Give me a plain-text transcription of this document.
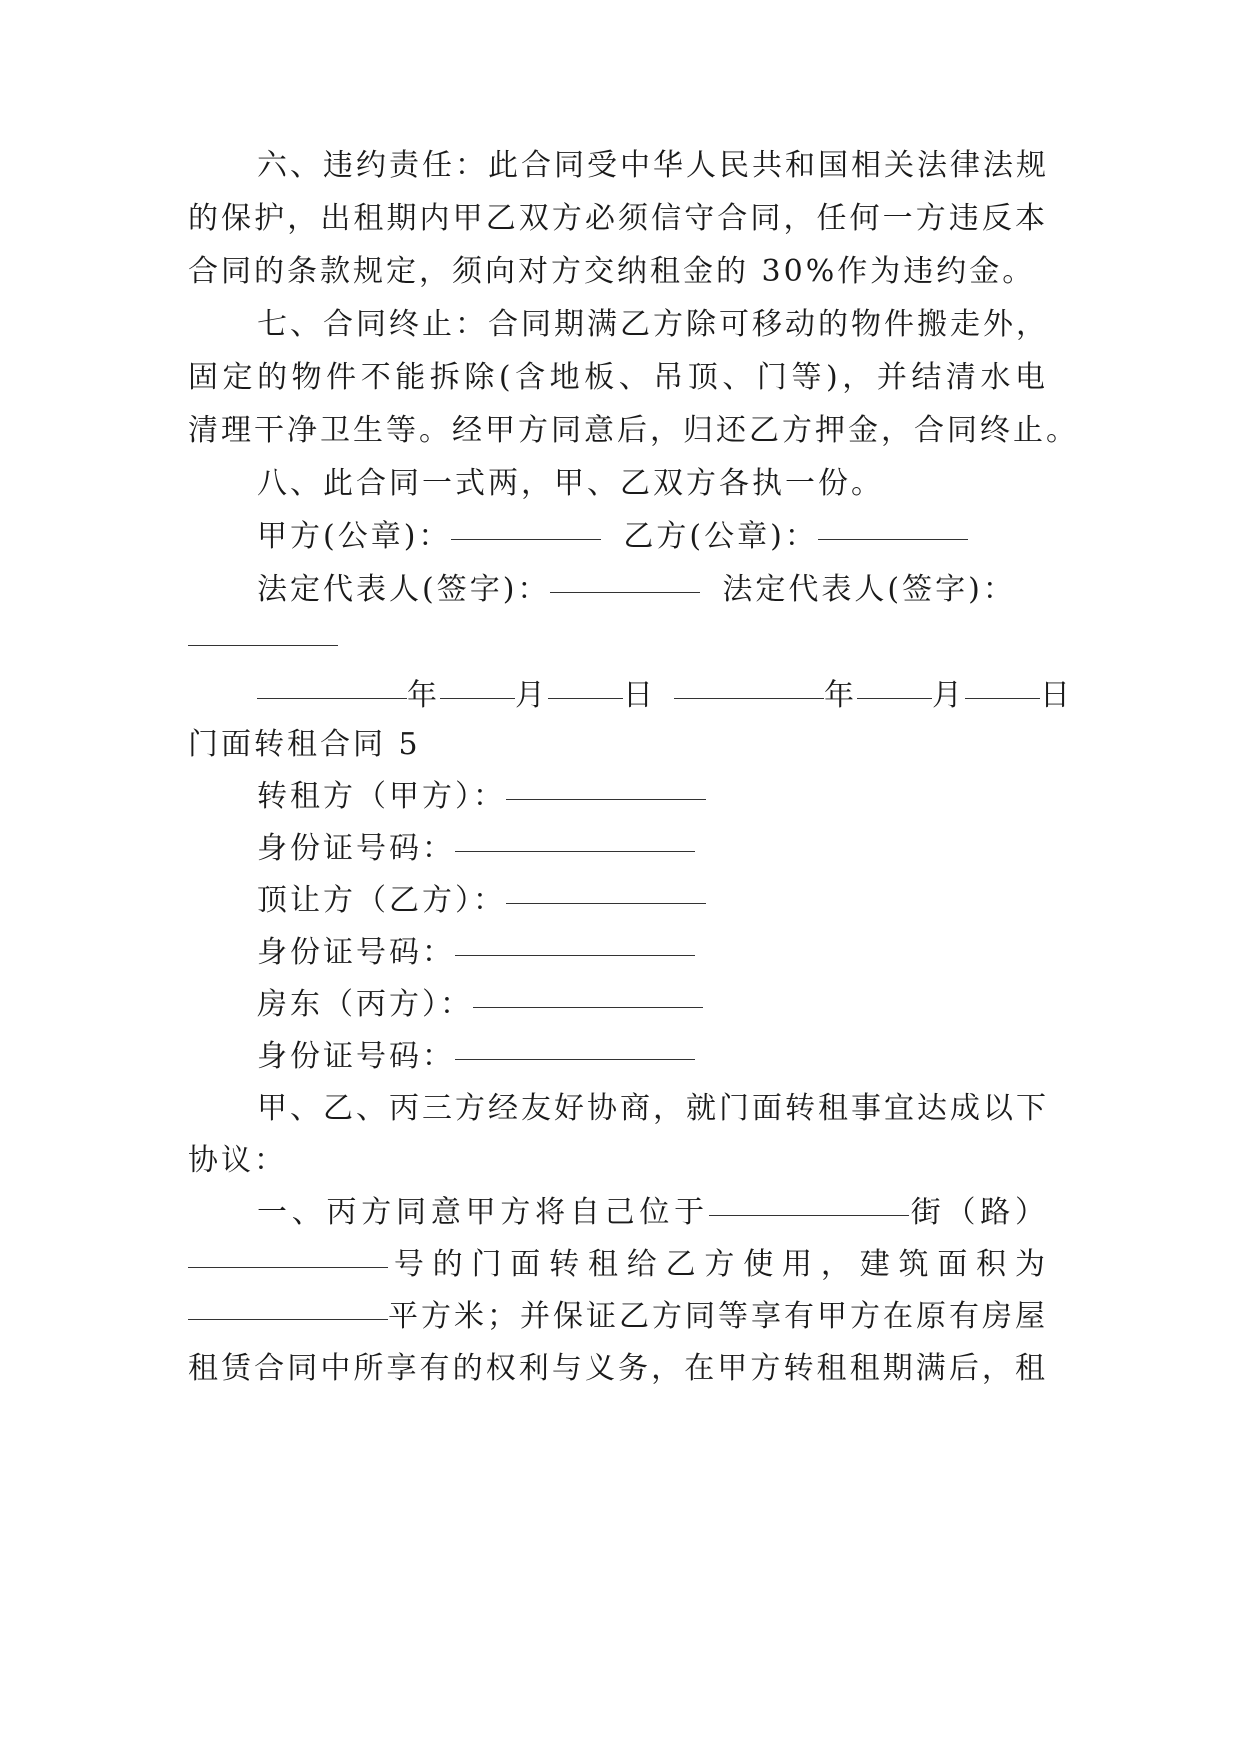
六、违约责任：此合同受中华人民共和国相关法律法规
的保护，出租期内甲乙双方必须信守合同，任何一方违反本
合同的条款规定，须向对方交纳租金的 30%作为违约金。
七、合同终止：合同期满乙方除可移动的物件搬走外，
固定的物件不能拆除(含地板、吊顶、门等)，并结清水电
清理干净卫生等。经甲方同意后，归还乙方押金，合同终止。
八、此合同一式两，甲、乙双方各执一份。
甲方(公章)：	乙方(公章)：
法定代表人(签字)：	法定代表人(签字)：
年	月	日	年	月	日
门面转租合同 5
转租方（甲方）：
身份证号码：
顶让方（乙方）：
身份证号码：
房东（丙方）：
身份证号码：
甲、乙、丙三方经友好协商，就门面转租事宜达成以下
协议：
一、丙方同意甲方将自己位于	街（路）
号的门面转租给乙方使用，建筑面积为
平方米；并保证乙方同等享有甲方在原有房屋
租赁合同中所享有的权利与义务，在甲方转租租期满后，租
